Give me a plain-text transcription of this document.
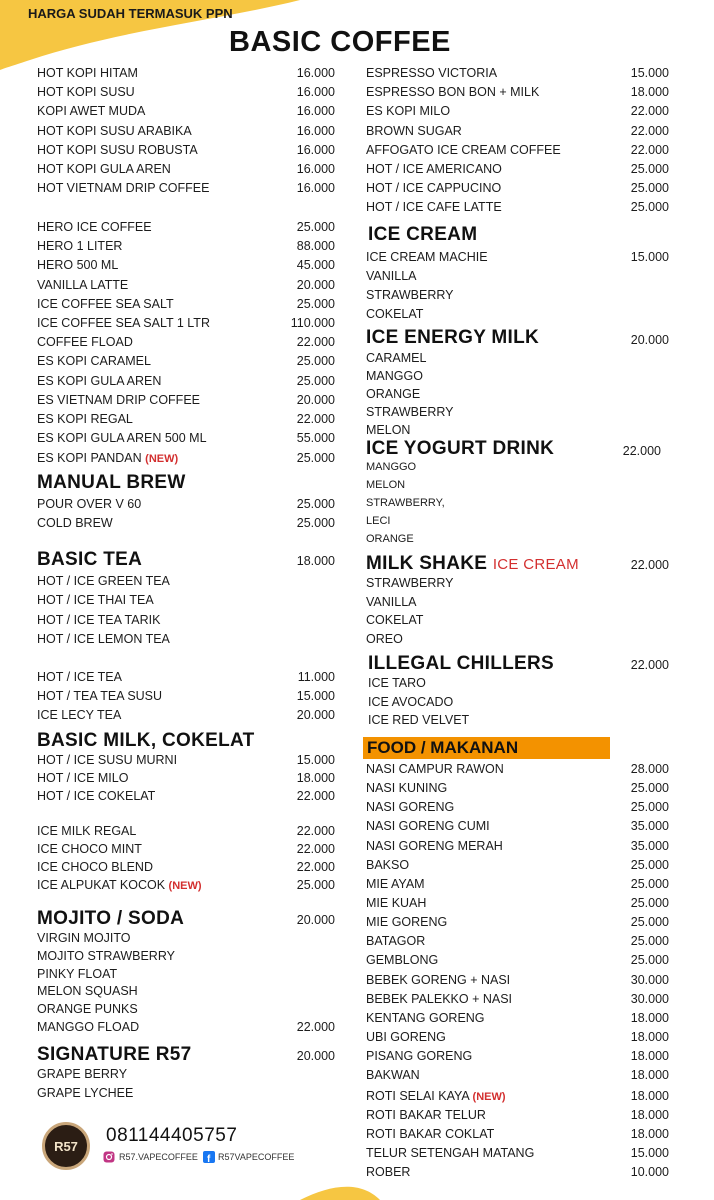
HARGA SUDAH TERMASUK PPN
BASIC COFFEE
HOT KOPI HITAM	16.000
HOT KOPI SUSU	16.000
KOPI AWET MUDA	16.000
HOT KOPI SUSU ARABIKA	16.000
HOT KOPI SUSU ROBUSTA	16.000
HOT KOPI GULA AREN	16.000
HOT VIETNAM DRIP COFFEE	16.000
HERO ICE COFFEE	25.000
HERO 1 LITER	88.000
HERO 500 ML	45.000
VANILLA LATTE	20.000
ICE COFFEE SEA SALT	25.000
ICE COFFEE SEA SALT 1 LTR	110.000
COFFEE FLOAD	22.000
ES KOPI CARAMEL	25.000
ES KOPI GULA AREN	25.000
ES VIETNAM DRIP COFFEE	20.000
ES KOPI REGAL	22.000
ES KOPI GULA AREN 500 ML	55.000
ES KOPI PANDAN (NEW)	25.000
MANUAL BREW
POUR OVER V 60	25.000
COLD BREW	25.000
BASIC TEA	18.000
HOT / ICE GREEN TEA
HOT / ICE THAI TEA
HOT / ICE TEA TARIK
HOT / ICE LEMON TEA
HOT / ICE TEA	11.000
HOT / TEA TEA SUSU	15.000
ICE LECY TEA	20.000
BASIC MILK, COKELAT
HOT / ICE SUSU MURNI	15.000
HOT / ICE MILO	18.000
HOT / ICE COKELAT	22.000
ICE MILK REGAL	22.000
ICE CHOCO MINT	22.000
ICE CHOCO BLEND	22.000
ICE ALPUKAT KOCOK (NEW)	25.000
MOJITO / SODA	20.000
VIRGIN MOJITO
MOJITO STRAWBERRY
PINKY FLOAT
MELON SQUASH
ORANGE PUNKS
MANGGO FLOAD	22.000
SIGNATURE R57	20.000
GRAPE BERRY
GRAPE LYCHEE
ESPRESSO VICTORIA	15.000
ESPRESSO BON BON + MILK	18.000
ES KOPI MILO	22.000
BROWN SUGAR	22.000
AFFOGATO ICE CREAM COFFEE	22.000
HOT / ICE AMERICANO	25.000
HOT / ICE CAPPUCINO	25.000
HOT / ICE CAFE LATTE	25.000
ICE CREAM
ICE CREAM MACHIE	15.000
VANILLA
STRAWBERRY
COKELAT
ICE ENERGY MILK	20.000
CARAMEL
MANGGO
ORANGE
STRAWBERRY
MELON
ICE YOGURT DRINK	22.000
MANGGO
MELON
STRAWBERRY,
LECI
ORANGE
MILK SHAKE ICE CREAM	22.000
STRAWBERRY
VANILLA
COKELAT
OREO
ILLEGAL CHILLERS	22.000
ICE TARO
ICE AVOCADO
ICE RED VELVET
NASI CAMPUR RAWON	28.000
NASI KUNING	25.000
NASI GORENG	25.000
NASI GORENG CUMI	35.000
NASI GORENG MERAH	35.000
BAKSO	25.000
MIE AYAM	25.000
MIE KUAH	25.000
MIE GORENG	25.000
BATAGOR	25.000
GEMBLONG	25.000
BEBEK GORENG + NASI	30.000
BEBEK PALEKKO + NASI	30.000
KENTANG GORENG	18.000
UBI GORENG	18.000
PISANG GORENG	18.000
BAKWAN	18.000
ROTI SELAI KAYA (NEW)	18.000
ROTI BAKAR TELUR	18.000
ROTI BAKAR COKLAT	18.000
TELUR SETENGAH MATANG	15.000
ROBER	10.000
FOOD / MAKANAN
R57
081144405757
R57.VAPECOFFEE f R57VAPECOFFEE
